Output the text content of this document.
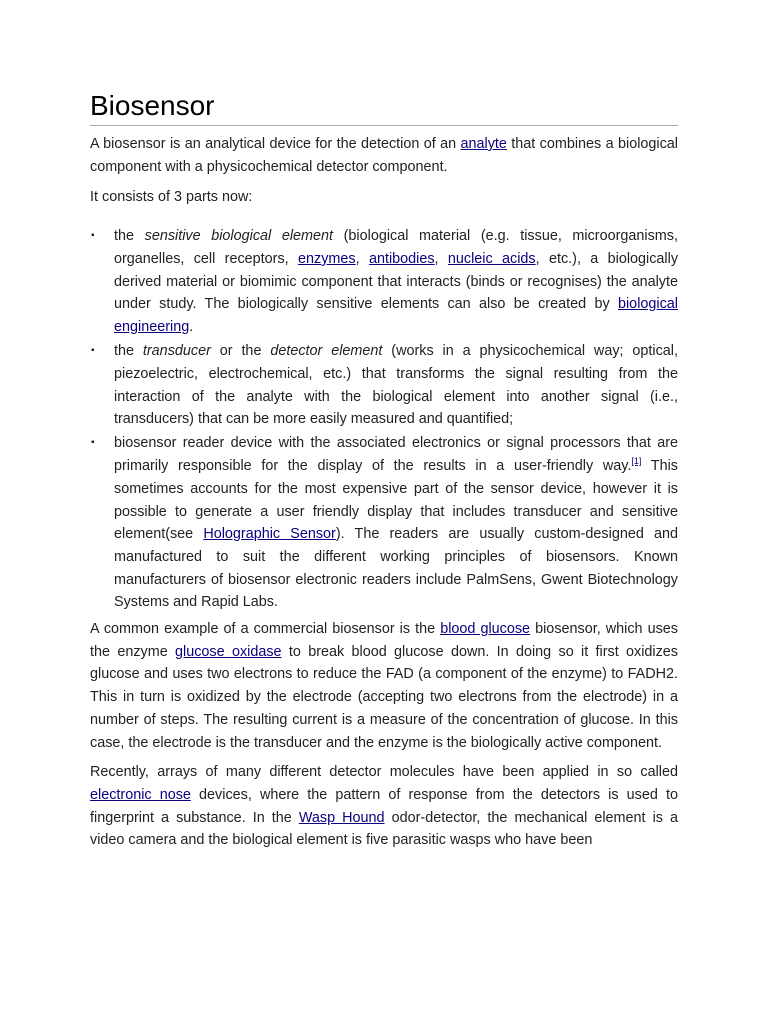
Biosensor

A biosensor is an analytical device for the detection of an analyte that combines a biological component with a physicochemical detector component.

It consists of 3 parts now:

▪ the sensitive biological element (biological material (e.g. tissue, microorganisms, organelles, cell receptors, enzymes, antibodies, nucleic acids, etc.), a biologically derived material or biomimic component that interacts (binds or recognises) the analyte under study. The biologically sensitive elements can also be created by biological engineering.
▪ the transducer or the detector element (works in a physicochemical way; optical, piezoelectric, electrochemical, etc.) that transforms the signal resulting from the interaction of the analyte with the biological element into another signal (i.e., transducers) that can be more easily measured and quantified;
▪ biosensor reader device with the associated electronics or signal processors that are primarily responsible for the display of the results in a user-friendly way.[1] This sometimes accounts for the most expensive part of the sensor device, however it is possible to generate a user friendly display that includes transducer and sensitive element(see Holographic Sensor). The readers are usually custom-designed and manufactured to suit the different working principles of biosensors. Known manufacturers of biosensor electronic readers include PalmSens, Gwent Biotechnology Systems and Rapid Labs.

A common example of a commercial biosensor is the blood glucose biosensor, which uses the enzyme glucose oxidase to break blood glucose down. In doing so it first oxidizes glucose and uses two electrons to reduce the FAD (a component of the enzyme) to FADH2. This in turn is oxidized by the electrode (accepting two electrons from the electrode) in a number of steps. The resulting current is a measure of the concentration of glucose. In this case, the electrode is the transducer and the enzyme is the biologically active component.

Recently, arrays of many different detector molecules have been applied in so called electronic nose devices, where the pattern of response from the detectors is used to fingerprint a substance. In the Wasp Hound odor-detector, the mechanical element is a video camera and the biological element is five parasitic wasps who have been
